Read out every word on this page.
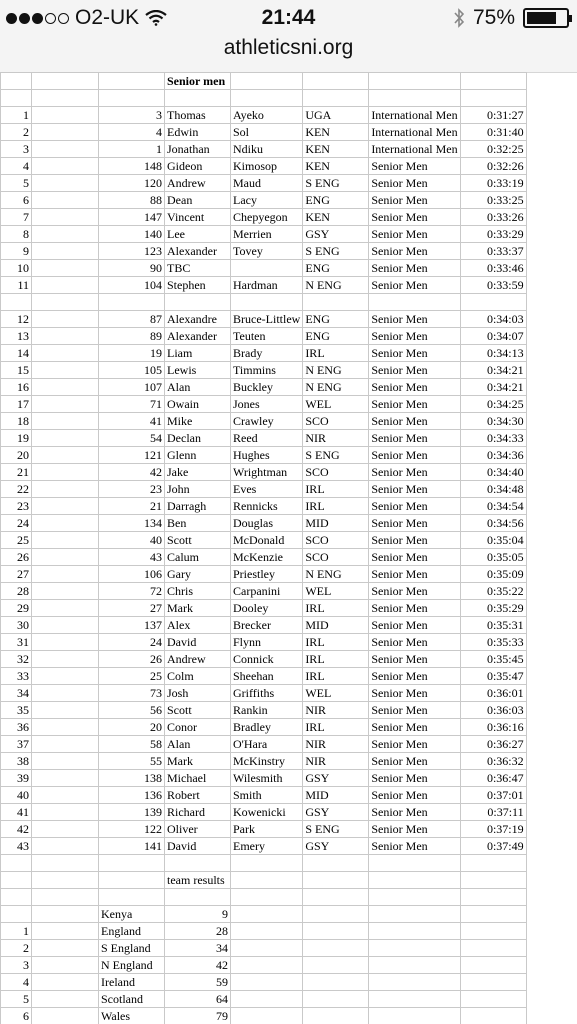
O2-UK	21:44	75%
athleticsni.org
			Senior men				

1		3	Thomas	Ayeko	UGA	International Men	0:31:27
2		4	Edwin	Sol	KEN	International Men	0:31:40
3		1	Jonathan	Ndiku	KEN	International Men	0:32:25
4		148	Gideon	Kimosop	KEN	Senior Men	0:32:26
5		120	Andrew	Maud	S ENG	Senior Men	0:33:19
6		88	Dean	Lacy	ENG	Senior Men	0:33:25
7		147	Vincent	Chepyegon	KEN	Senior Men	0:33:26
8		140	Lee	Merrien	GSY	Senior Men	0:33:29
9		123	Alexander	Tovey	S ENG	Senior Men	0:33:37
10		90	TBC		ENG	Senior Men	0:33:46
11		104	Stephen	Hardman	N ENG	Senior Men	0:33:59

12		87	Alexandre	Bruce-Littlew	ENG	Senior Men	0:34:03
13		89	Alexander	Teuten	ENG	Senior Men	0:34:07
14		19	Liam	Brady	IRL	Senior Men	0:34:13
15		105	Lewis	Timmins	N ENG	Senior Men	0:34:21
16		107	Alan	Buckley	N ENG	Senior Men	0:34:21
17		71	Owain	Jones	WEL	Senior Men	0:34:25
18		41	Mike	Crawley	SCO	Senior Men	0:34:30
19		54	Declan	Reed	NIR	Senior Men	0:34:33
20		121	Glenn	Hughes	S ENG	Senior Men	0:34:36
21		42	Jake	Wrightman	SCO	Senior Men	0:34:40
22		23	John	Eves	IRL	Senior Men	0:34:48
23		21	Darragh	Rennicks	IRL	Senior Men	0:34:54
24		134	Ben	Douglas	MID	Senior Men	0:34:56
25		40	Scott	McDonald	SCO	Senior Men	0:35:04
26		43	Calum	McKenzie	SCO	Senior Men	0:35:05
27		106	Gary	Priestley	N ENG	Senior Men	0:35:09
28		72	Chris	Carpanini	WEL	Senior Men	0:35:22
29		27	Mark	Dooley	IRL	Senior Men	0:35:29
30		137	Alex	Brecker	MID	Senior Men	0:35:31
31		24	David	Flynn	IRL	Senior Men	0:35:33
32		26	Andrew	Connick	IRL	Senior Men	0:35:45
33		25	Colm	Sheehan	IRL	Senior Men	0:35:47
34		73	Josh	Griffiths	WEL	Senior Men	0:36:01
35		56	Scott	Rankin	NIR	Senior Men	0:36:03
36		20	Conor	Bradley	IRL	Senior Men	0:36:16
37		58	Alan	O'Hara	NIR	Senior Men	0:36:27
38		55	Mark	McKinstry	NIR	Senior Men	0:36:32
39		138	Michael	Wilesmith	GSY	Senior Men	0:36:47
40		136	Robert	Smith	MID	Senior Men	0:37:01
41		139	Richard	Kowenicki	GSY	Senior Men	0:37:11
42		122	Oliver	Park	S ENG	Senior Men	0:37:19
43		141	David	Emery	GSY	Senior Men	0:37:49

			team results				

		Kenya	9				
1		England	28				
2		S England	34				
3		N England	42				
4		Ireland	59				
5		Scotland	64				
6		Wales	79				
